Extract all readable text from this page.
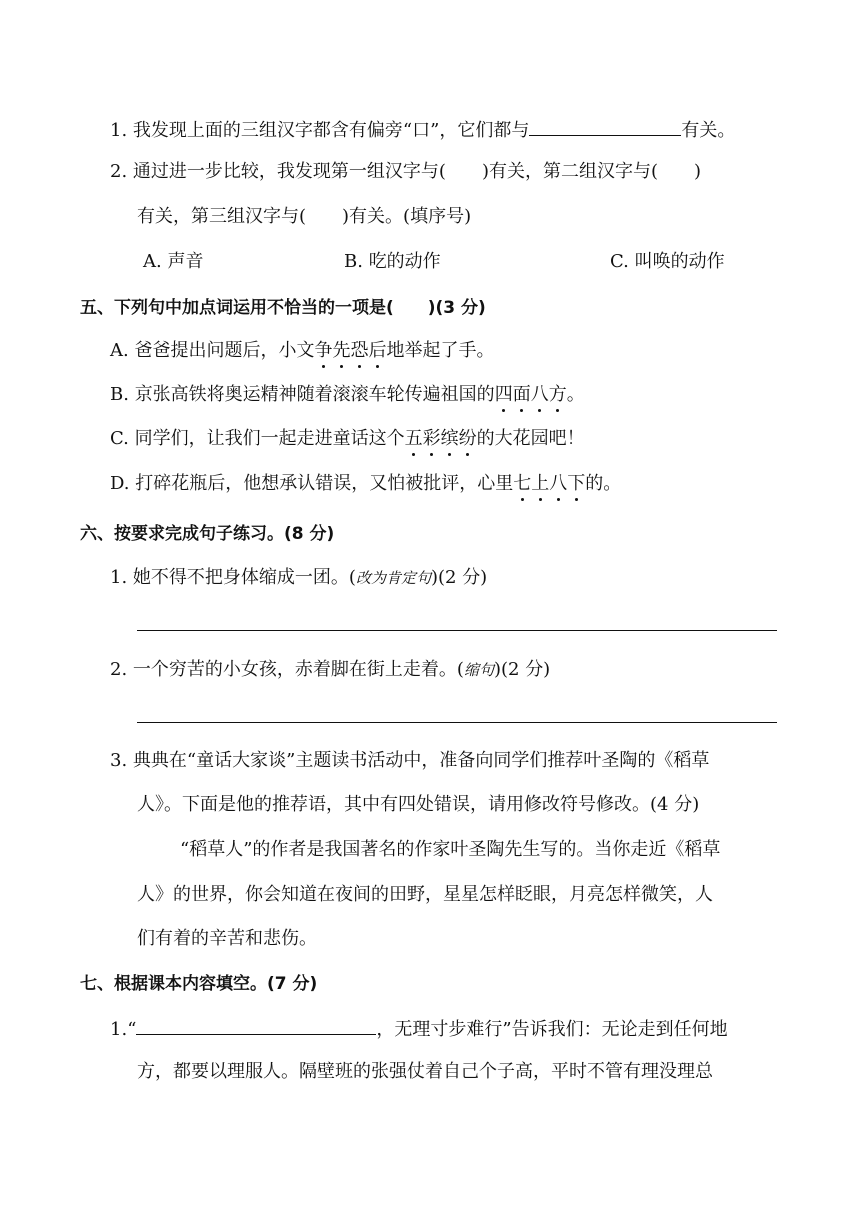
1. 我发现上面的三组汉字都含有偏旁“口”，它们都与	有关。
2. 通过进一步比较，我发现第一组汉字与(　　)有关，第二组汉字与(　　)
有关，第三组汉字与(　　)有关。(填序号)
A. 声音	B. 吃的动作	C. 叫唤的动作
五、下列句中加点词运用不恰当的一项是(　　)(3 分)
A. 爸爸提出问题后，小文争先恐后地举起了手。
B. 京张高铁将奥运精神随着滚滚车轮传遍祖国的四面八方。
C. 同学们，让我们一起走进童话这个五彩缤纷的大花园吧！
D. 打碎花瓶后，他想承认错误，又怕被批评，心里七上八下的。
六、按要求完成句子练习。(8 分)
1. 她不得不把身体缩成一团。(改为肯定句)(2 分)
2. 一个穷苦的小女孩，赤着脚在街上走着。(缩句)(2 分)
3. 典典在“童话大家谈”主题读书活动中，准备向同学们推荐叶圣陶的《稻草
人》。下面是他的推荐语，其中有四处错误，请用修改符号修改。(4 分)
“稻草人”的作者是我国著名的作家叶圣陶先生写的。当你走近《稻草
人》的世界，你会知道在夜间的田野，星星怎样眨眼，月亮怎样微笑，人
们有着的辛苦和悲伤。
七、根据课本内容填空。(7 分)
1.“	，无理寸步难行”告诉我们：无论走到任何地
方，都要以理服人。隔壁班的张强仗着自己个子高，平时不管有理没理总
